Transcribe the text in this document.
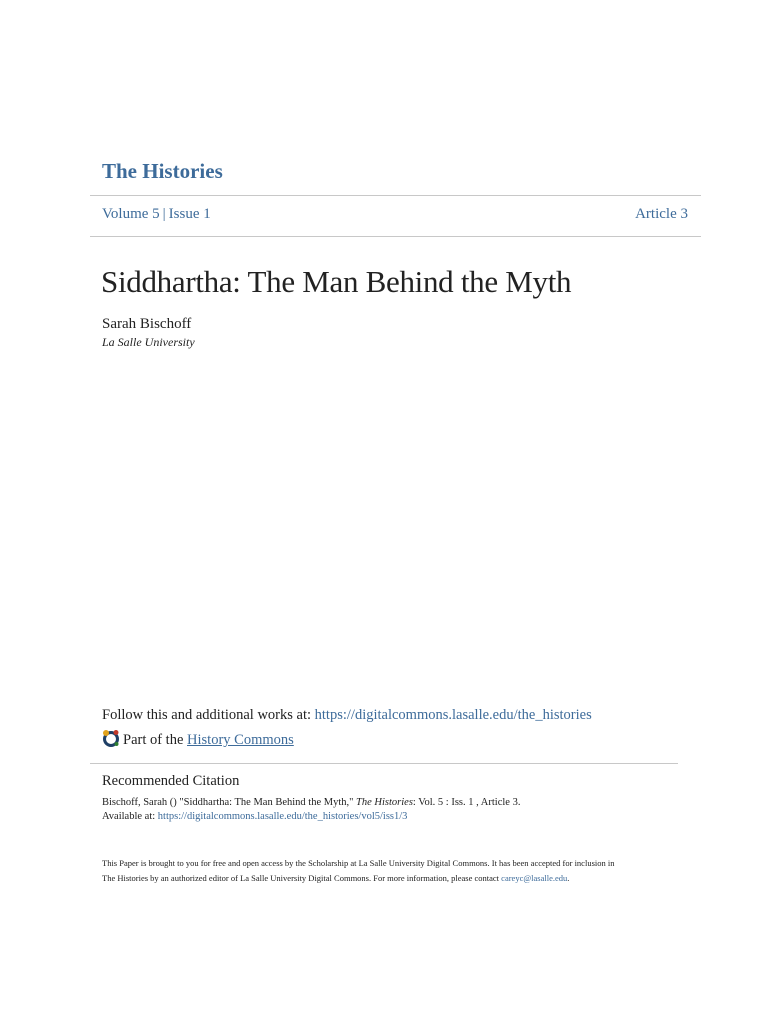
The Histories
Volume 5 | Issue 1	Article 3
Siddhartha: The Man Behind the Myth
Sarah Bischoff
La Salle University
Follow this and additional works at: https://digitalcommons.lasalle.edu/the_histories
Part of the
History Commons
Recommended Citation
Bischoff, Sarah () "Siddhartha: The Man Behind the Myth," The Histories: Vol. 5 : Iss. 1 , Article 3.
Available at: https://digitalcommons.lasalle.edu/the_histories/vol5/iss1/3
This Paper is brought to you for free and open access by the Scholarship at La Salle University Digital Commons. It has been accepted for inclusion in
The Histories by an authorized editor of La Salle University Digital Commons. For more information, please contact careyc@lasalle.edu.
